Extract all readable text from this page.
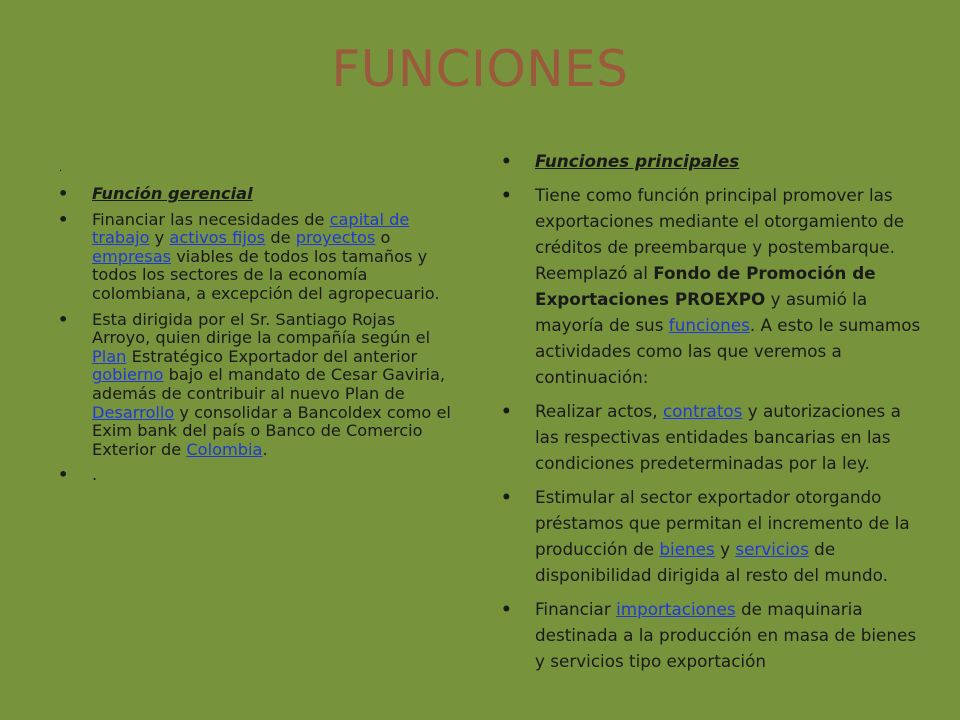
FUNCIONES
.
• Función gerencial
• Financiar las necesidades de capital de trabajo y activos fijos de proyectos o empresas viables de todos los tamaños y todos los sectores de la economía colombiana, a excepción del agropecuario.
• Esta dirigida por el Sr. Santiago Rojas Arroyo, quien dirige la compañía según el Plan Estratégico Exportador del anterior gobierno bajo el mandato de Cesar Gaviria, además de contribuir al nuevo Plan de Desarrollo y consolidar a Bancoldex como el Exim bank del país o Banco de Comercio Exterior de Colombia.
• .
• Funciones principales
• Tiene como función principal promover las exportaciones mediante el otorgamiento de créditos de preembarque y postembarque. Reemplazó al Fondo de Promoción de Exportaciones PROEXPO y asumió la mayoría de sus funciones. A esto le sumamos actividades como las que veremos a continuación:
• Realizar actos, contratos y autorizaciones a las respectivas entidades bancarias en las condiciones predeterminadas por la ley.
• Estimular al sector exportador otorgando préstamos que permitan el incremento de la producción de bienes y servicios de disponibilidad dirigida al resto del mundo.
• Financiar importaciones de maquinaria destinada a la producción en masa de bienes y servicios tipo exportación
